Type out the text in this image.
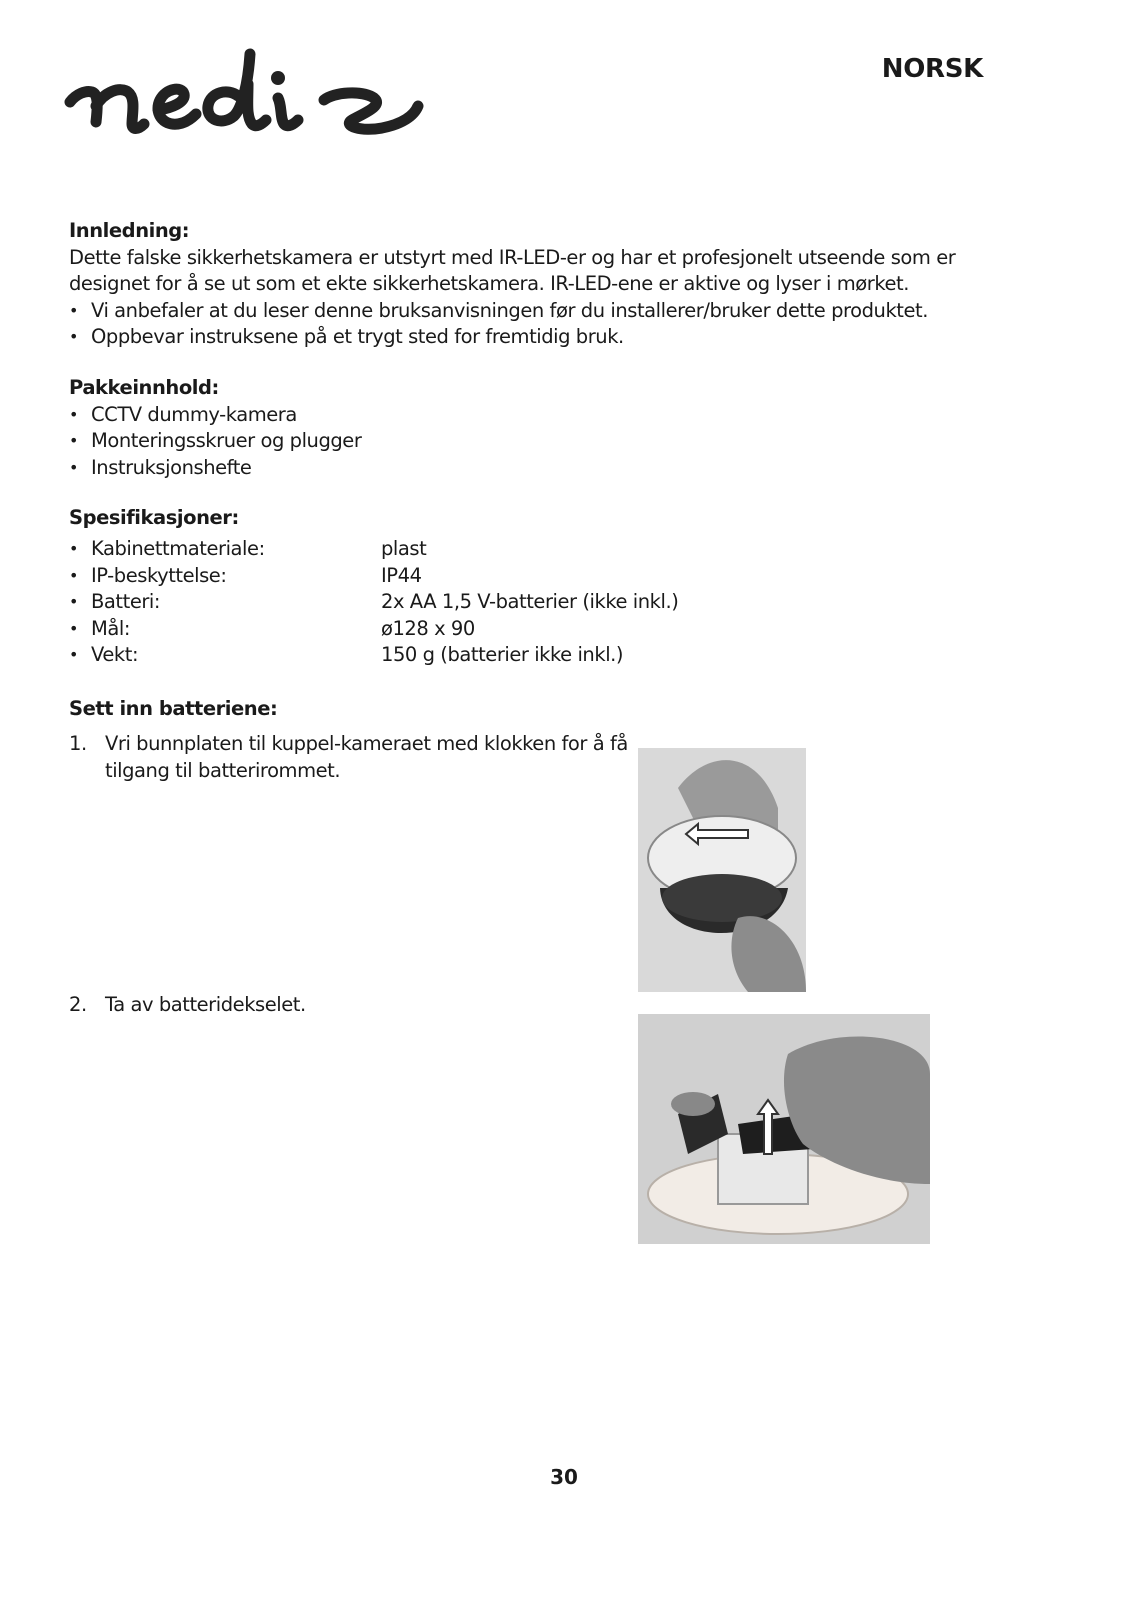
NORSK
Innledning:
Dette falske sikkerhetskamera er utstyrt med IR-LED-er og har et profesjonelt utseende som er designet for å se ut som et ekte sikkerhetskamera. IR-LED-ene er aktive og lyser i mørket.
• Vi anbefaler at du leser denne bruksanvisningen før du installerer/bruker dette produktet.
• Oppbevar instruksene på et trygt sted for fremtidig bruk.
Pakkeinnhold:
• CCTV dummy-kamera
• Monteringsskruer og plugger
• Instruksjonshefte
Spesifikasjoner:
• Kabinettmateriale:	plast
• IP-beskyttelse:	IP44
• Batteri:	2x AA 1,5 V-batterier (ikke inkl.)
• Mål:	ø128 x 90
• Vekt:	150 g (batterier ikke inkl.)
Sett inn batteriene:
1. Vri bunnplaten til kuppel-kameraet med klokken for å få tilgang til batterirommet.
2. Ta av batteridekselet.
30
